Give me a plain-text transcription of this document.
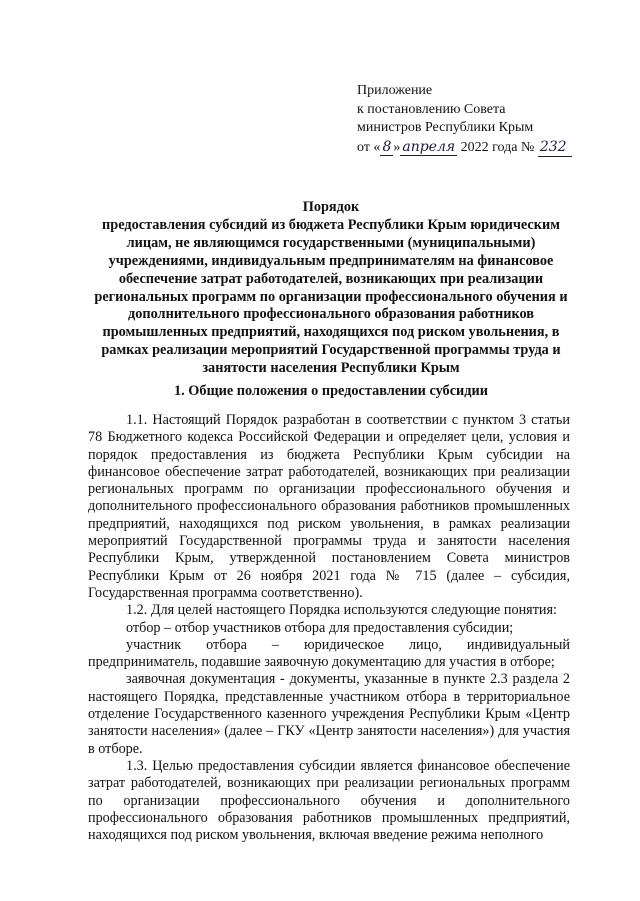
Приложение
к постановлению Совета
министров Республики Крым
от « 8 » апреля 2022 года № 232
Порядок
предоставления субсидий из бюджета Республики Крым юридическим лицам, не являющимся государственными (муниципальными) учреждениями, индивидуальным предпринимателям на финансовое обеспечение затрат работодателей, возникающих при реализации региональных программ по организации профессионального обучения и дополнительного профессионального образования работников промышленных предприятий, находящихся под риском увольнения, в рамках реализации мероприятий Государственной программы труда и занятости населения Республики Крым
1. Общие положения о предоставлении субсидии

1.1. Настоящий Порядок разработан в соответствии с пунктом 3 статьи 78 Бюджетного кодекса Российской Федерации и определяет цели, условия и порядок предоставления из бюджета Республики Крым субсидии на финансовое обеспечение затрат работодателей, возникающих при реализации региональных программ по организации профессионального обучения и дополнительного профессионального образования работников промышленных предприятий, находящихся под риском увольнения, в рамках реализации мероприятий Государственной программы труда и занятости населения Республики Крым, утвержденной постановлением Совета министров Республики Крым от 26 ноября 2021 года № 715 (далее – субсидия, Государственная программа соответственно).

1.2. Для целей настоящего Порядка используются следующие понятия:

отбор – отбор участников отбора для предоставления субсидии;

участник отбора – юридическое лицо, индивидуальный предприниматель, подавшие заявочную документацию для участия в отборе;

заявочная документация - документы, указанные в пункте 2.3 раздела 2 настоящего Порядка, представленные участником отбора в территориальное отделение Государственного казенного учреждения Республики Крым «Центр занятости населения» (далее – ГКУ «Центр занятости населения») для участия в отборе.

1.3. Целью предоставления субсидии является финансовое обеспечение затрат работодателей, возникающих при реализации региональных программ по организации профессионального обучения и дополнительного профессионального образования работников промышленных предприятий, находящихся под риском увольнения, включая введение режима неполного
